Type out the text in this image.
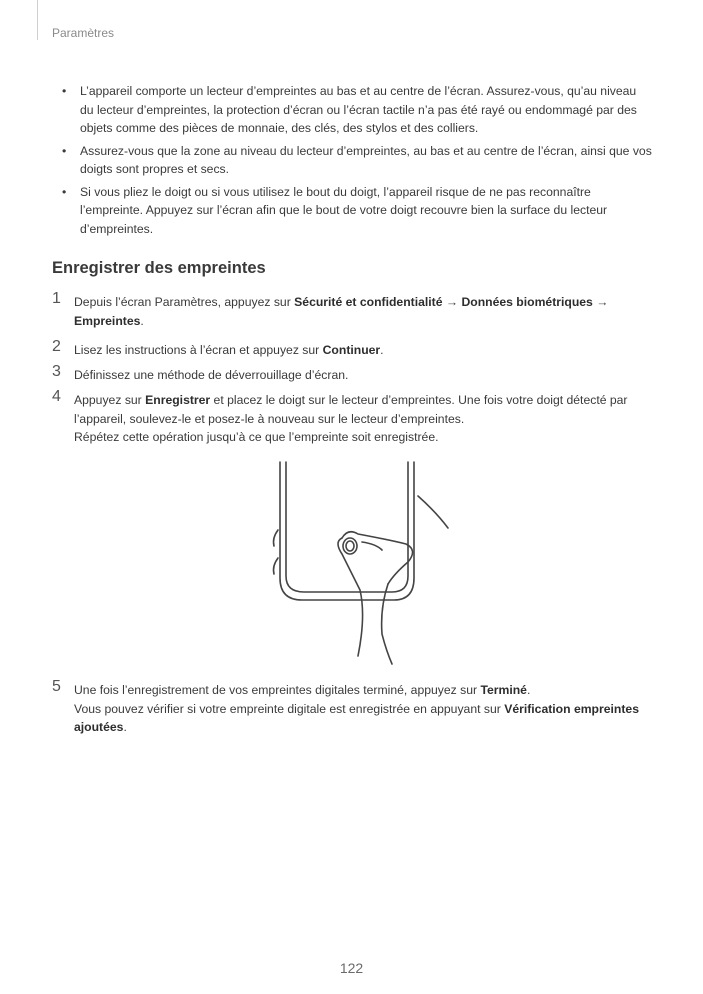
Paramètres
• L’appareil comporte un lecteur d’empreintes au bas et au centre de l’écran. Assurez-vous, qu’au niveau du lecteur d’empreintes, la protection d’écran ou l’écran tactile n’a pas été rayé ou endommagé par des objets comme des pièces de monnaie, des clés, des stylos et des colliers.
• Assurez-vous que la zone au niveau du lecteur d’empreintes, au bas et au centre de l’écran, ainsi que vos doigts sont propres et secs.
• Si vous pliez le doigt ou si vous utilisez le bout du doigt, l’appareil risque de ne pas reconnaître l’empreinte. Appuyez sur l’écran afin que le bout de votre doigt recouvre bien la surface du lecteur d’empreintes.
Enregistrer des empreintes
1 Depuis l’écran Paramètres, appuyez sur Sécurité et confidentialité → Données biométriques → Empreintes.
2 Lisez les instructions à l’écran et appuyez sur Continuer.
3 Définissez une méthode de déverrouillage d’écran.
4 Appuyez sur Enregistrer et placez le doigt sur le lecteur d’empreintes. Une fois votre doigt détecté par l’appareil, soulevez-le et posez-le à nouveau sur le lecteur d’empreintes.
Répétez cette opération jusqu’à ce que l’empreinte soit enregistrée.
5 Une fois l’enregistrement de vos empreintes digitales terminé, appuyez sur Terminé.
Vous pouvez vérifier si votre empreinte digitale est enregistrée en appuyant sur Vérification empreintes ajoutées.
122
